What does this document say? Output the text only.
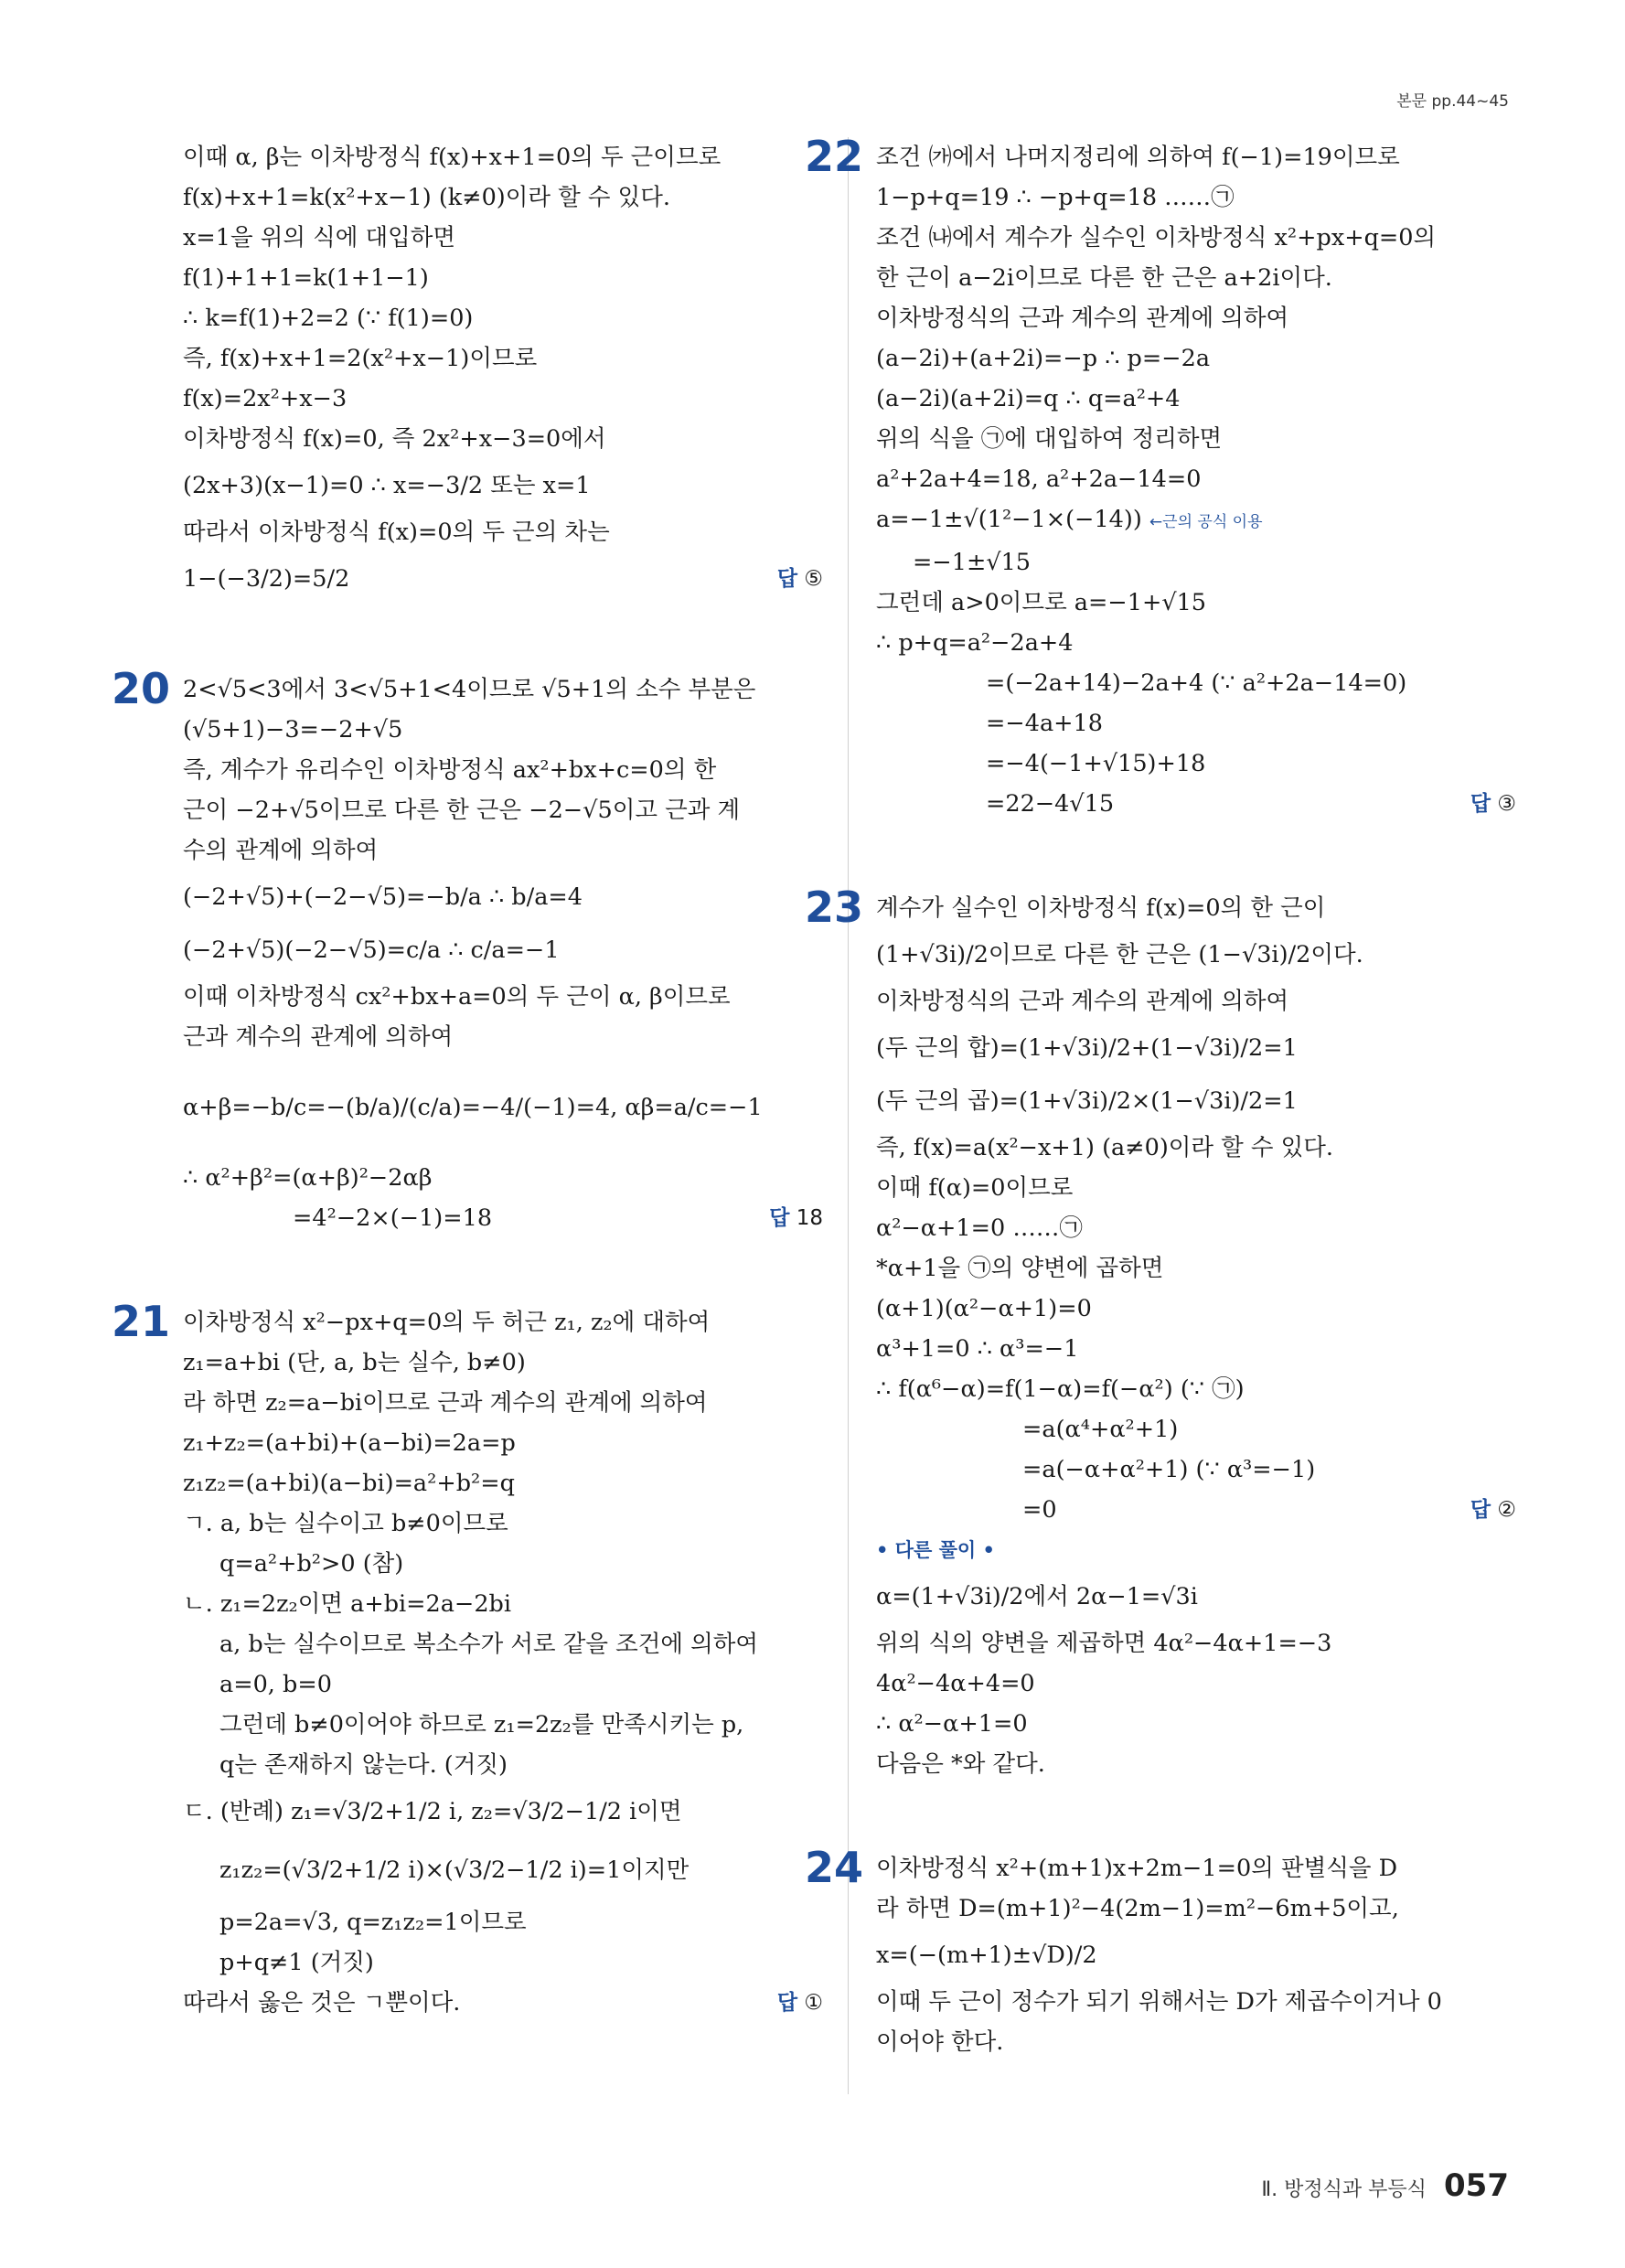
본문 pp.44~45
이때 α, β는 이차방정식 f(x)+x+1=0의 두 근이므로
f(x)+x+1=k(x²+x−1) (k≠0)이라 할 수 있다.
x=1을 위의 식에 대입하면
f(1)+1+1=k(1+1−1)
∴ k=f(1)+2=2 (∵ f(1)=0)
즉, f(x)+x+1=2(x²+x−1)이므로
f(x)=2x²+x−3
이차방정식 f(x)=0, 즉 2x²+x−3=0에서
(2x+3)(x−1)=0 ∴ x=−3/2 또는 x=1
따라서 이차방정식 f(x)=0의 두 근의 차는
1−(−3/2)=5/2	답 ⑤
20 2<√5<3에서 3<√5+1<4이므로 √5+1의 소수 부분은
(√5+1)−3=−2+√5
즉, 계수가 유리수인 이차방정식 ax²+bx+c=0의 한
근이 −2+√5이므로 다른 한 근은 −2−√5이고 근과 계
수의 관계에 의하여
(−2+√5)+(−2−√5)=−b/a ∴ b/a=4
(−2+√5)(−2−√5)=c/a ∴ c/a=−1
이때 이차방정식 cx²+bx+a=0의 두 근이 α, β이므로
근과 계수의 관계에 의하여
α+β=−b/c=−(b/a)/(c/a)=−4/(−1)=4, αβ=a/c=−1
∴ α²+β²=(α+β)²−2αβ
=4²−2×(−1)=18	답 18
21 이차방정식 x²−px+q=0의 두 허근 z₁, z₂에 대하여
z₁=a+bi (단, a, b는 실수, b≠0)
라 하면 z₂=a−bi이므로 근과 계수의 관계에 의하여
z₁+z₂=(a+bi)+(a−bi)=2a=p
z₁z₂=(a+bi)(a−bi)=a²+b²=q
ㄱ. a, b는 실수이고 b≠0이므로
q=a²+b²>0 (참)
ㄴ. z₁=2z₂이면 a+bi=2a−2bi
a, b는 실수이므로 복소수가 서로 같을 조건에 의하여
a=0, b=0
그런데 b≠0이어야 하므로 z₁=2z₂를 만족시키는 p,
q는 존재하지 않는다. (거짓)
ㄷ. (반례) z₁=√3/2+1/2 i, z₂=√3/2−1/2 i이면
z₁z₂=(√3/2+1/2 i)×(√3/2−1/2 i)=1이지만
p=2a=√3, q=z₁z₂=1이므로
p+q≠1 (거짓)
따라서 옳은 것은 ㄱ뿐이다.	답 ①
22 조건 ㈎에서 나머지정리에 의하여 f(−1)=19이므로
1−p+q=19 ∴ −p+q=18 ……㉠
조건 ㈏에서 계수가 실수인 이차방정식 x²+px+q=0의
한 근이 a−2i이므로 다른 한 근은 a+2i이다.
이차방정식의 근과 계수의 관계에 의하여
(a−2i)+(a+2i)=−p ∴ p=−2a
(a−2i)(a+2i)=q ∴ q=a²+4
위의 식을 ㉠에 대입하여 정리하면
a²+2a+4=18, a²+2a−14=0
a=−1±√(1²−1×(−14)) ←근의 공식 이용
=−1±√15
그런데 a>0이므로 a=−1+√15
∴ p+q=a²−2a+4
=(−2a+14)−2a+4 (∵ a²+2a−14=0)
=−4a+18
=−4(−1+√15)+18
=22−4√15	답 ③
23 계수가 실수인 이차방정식 f(x)=0의 한 근이
(1+√3i)/2이므로 다른 한 근은 (1−√3i)/2이다.
이차방정식의 근과 계수의 관계에 의하여
(두 근의 합)=(1+√3i)/2+(1−√3i)/2=1
(두 근의 곱)=(1+√3i)/2×(1−√3i)/2=1
즉, f(x)=a(x²−x+1) (a≠0)이라 할 수 있다.
이때 f(α)=0이므로
α²−α+1=0 ……㉠
*α+1을 ㉠의 양변에 곱하면
(α+1)(α²−α+1)=0
α³+1=0 ∴ α³=−1
∴ f(α⁶−α)=f(1−α)=f(−α²) (∵ ㉠)
=a(α⁴+α²+1)
=a(−α+α²+1) (∵ α³=−1)
=0	답 ②
• 다른 풀이 •
α=(1+√3i)/2에서 2α−1=√3i
위의 식의 양변을 제곱하면 4α²−4α+1=−3
4α²−4α+4=0
∴ α²−α+1=0
다음은 *와 같다.
24 이차방정식 x²+(m+1)x+2m−1=0의 판별식을 D
라 하면 D=(m+1)²−4(2m−1)=m²−6m+5이고,
x=(−(m+1)±√D)/2
이때 두 근이 정수가 되기 위해서는 D가 제곱수이거나 0
이어야 한다.
Ⅱ. 방정식과 부등식 057
